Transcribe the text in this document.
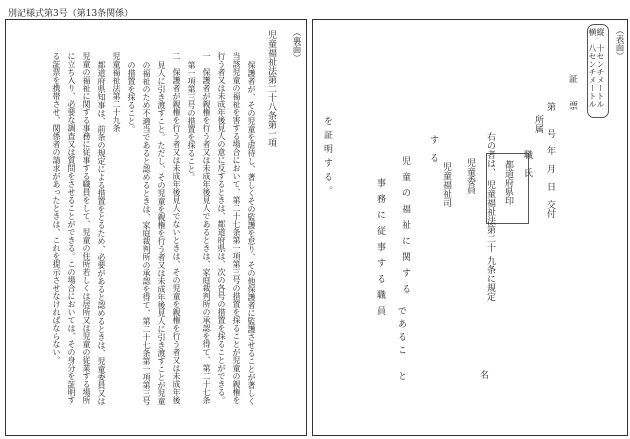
別記様式第3号（第13条関係）
（裏面）
児童福祉法第二十八条第一項
保護者が、その児童を虐待し、著しくその監護を怠り、その他保護者に監護させることが著しく
当該児童の福祉を害する場合において、第二十七条第一項第三号の措置を採ることが児童の親権を
行う者又は未成年後見人の意に反するときは、都道府県は、次の各号の措置を採ることができる。
一　保護者が親権を行う者又は未成年後見人であるときは、家庭裁判所の承認を得て、第二十七条
第一項第三号の措置を採ること。
二　保護者が親権を行う者又は未成年後見人でないときは、その児童を親権を行う者又は未成年後
見人に引き渡すこと。ただし、その児童を親権を行う者又は未成年後見人に引き渡すことが児童
の福祉のため不適当であると認めるときは、家庭裁判所の承認を得て、第二十七条第一項第三号
の措置を採ること。
児童福祉法第二十九条
都道府県知事は、前条の規定による措置をとるため、必要があると認めるときは、児童委員又は
児童の福祉に関する事務に従事する職員をして、児童の住所若しくは居所又は児童の従業する場所
に立ち入り、必要な調査又は質問をさせることができる。この場合においては、その身分を証明す
る証票を携帯させ、関係者の請求があったときは、これを提示させなければならない。
（表面）
縦　十センチメートル
横　八センチメートル
証　　票
第　　号
年　月　日　交付
所属
職　氏
名
都道府県印
右の者は、
児童福祉法第二十
九条に規定
す　る
児童委員
児童福祉司
児童の福祉に関する
事務に従事する職員
であるこ　と
を証明する。
